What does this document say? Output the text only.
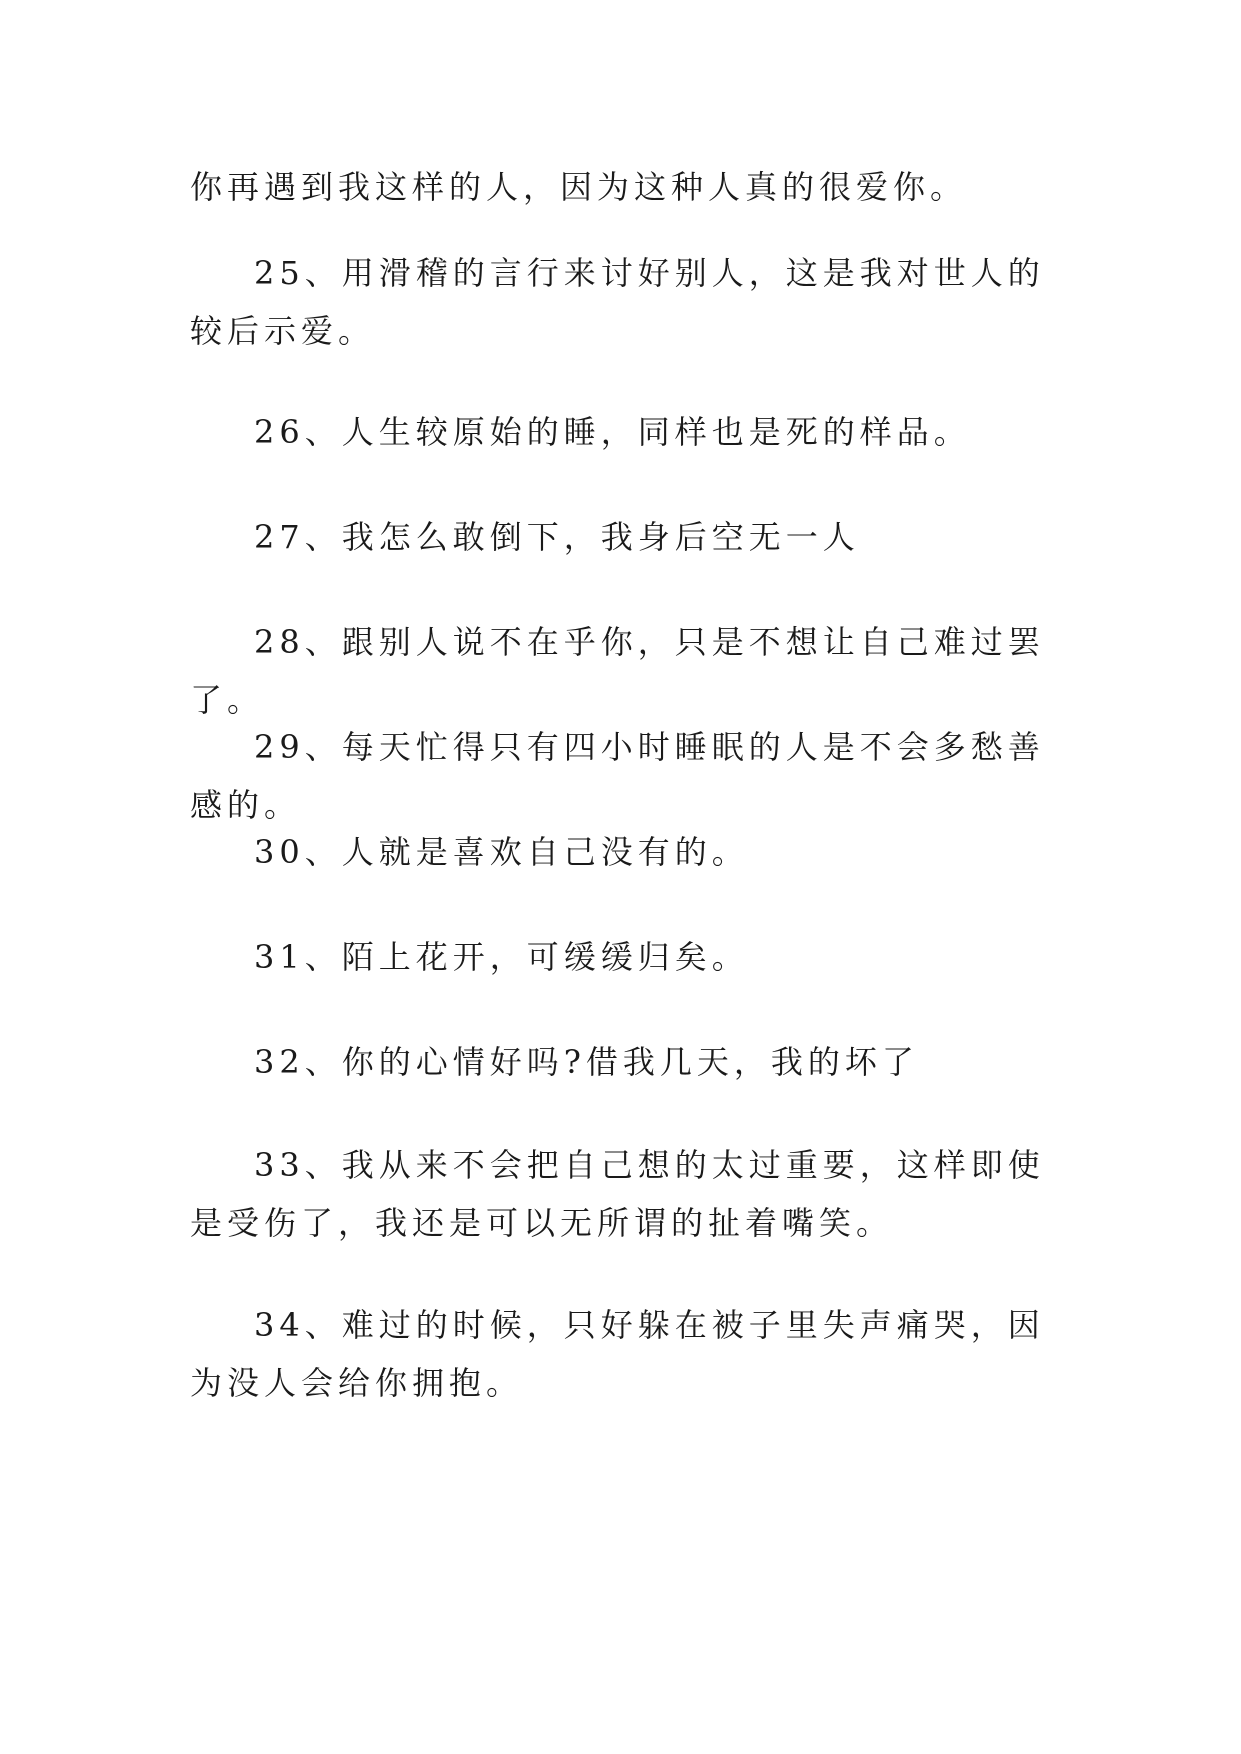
你再遇到我这样的人，因为这种人真的很爱你。

25、用滑稽的言行来讨好别人，这是我对世人的较后示爱。

26、人生较原始的睡，同样也是死的样品。

27、我怎么敢倒下，我身后空无一人

28、跟别人说不在乎你，只是不想让自己难过罢了。

29、每天忙得只有四小时睡眠的人是不会多愁善感的。

30、人就是喜欢自己没有的。

31、陌上花开，可缓缓归矣。

32、你的心情好吗?借我几天，我的坏了

33、我从来不会把自己想的太过重要，这样即使是受伤了，我还是可以无所谓的扯着嘴笑。

34、难过的时候，只好躲在被子里失声痛哭，因为没人会给你拥抱。
